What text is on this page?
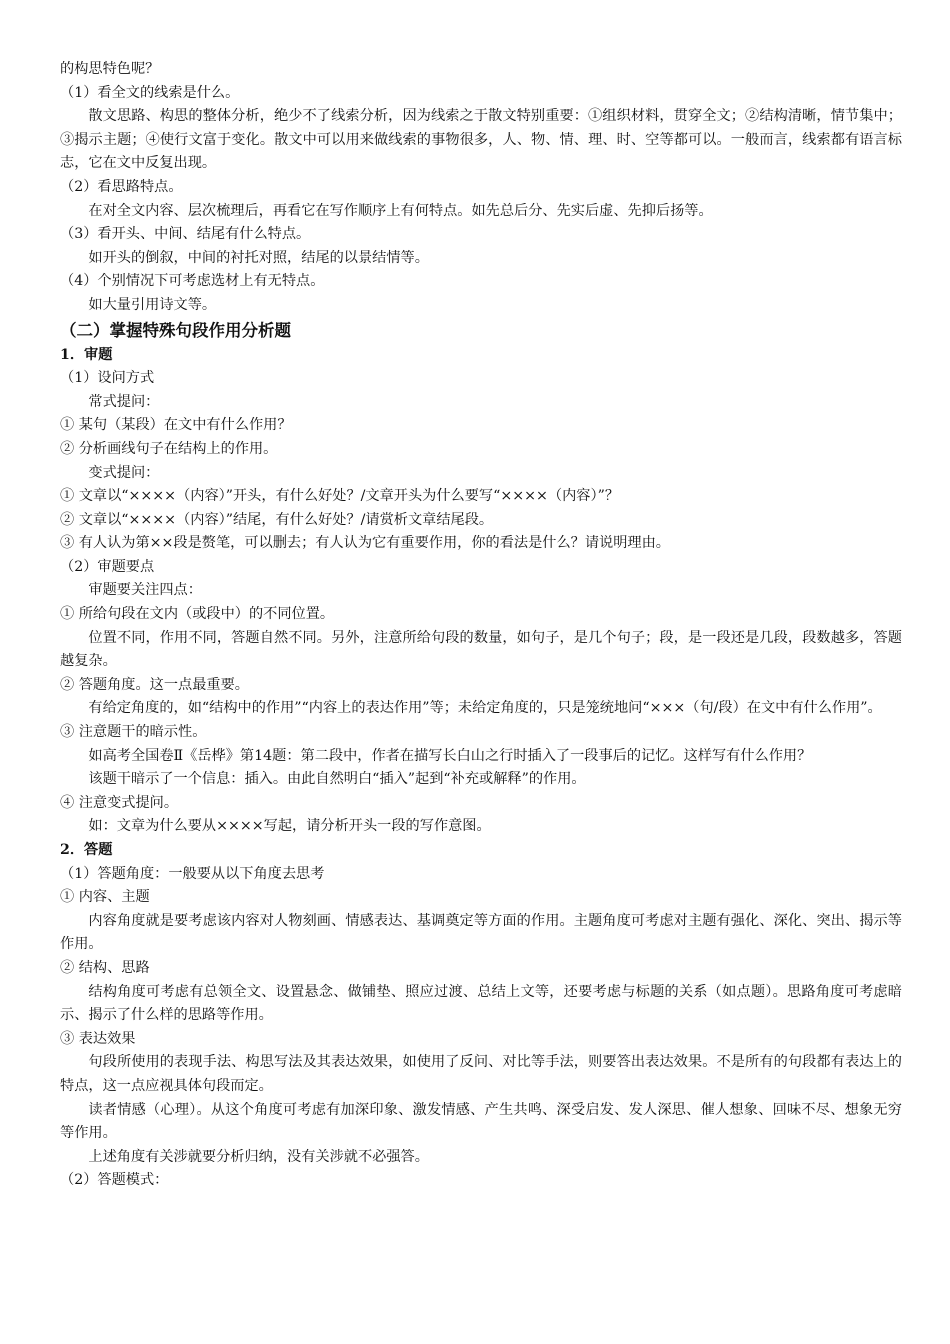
的构思特色呢？

（1）看全文的线索是什么。

散文思路、构思的整体分析，绝少不了线索分析，因为线索之于散文特别重要：①组织材料，贯穿全文；②结构清晰，情节集中；③揭示主题；④使行文富于变化。散文中可以用来做线索的事物很多，人、物、情、理、时、空等都可以。一般而言，线索都有语言标志，它在文中反复出现。

（2）看思路特点。

在对全文内容、层次梳理后，再看它在写作顺序上有何特点。如先总后分、先实后虚、先抑后扬等。

（3）看开头、中间、结尾有什么特点。

如开头的倒叙，中间的衬托对照，结尾的以景结情等。

（4）个别情况下可考虑选材上有无特点。

如大量引用诗文等。

（二）掌握特殊句段作用分析题

1．审题

（1）设问方式

常式提问：

① 某句（某段）在文中有什么作用？

② 分析画线句子在结构上的作用。

变式提问：

① 文章以“××××（内容）”开头，有什么好处？/文章开头为什么要写“××××（内容）”？

② 文章以“××××（内容）”结尾，有什么好处？/请赏析文章结尾段。

③ 有人认为第××段是赘笔，可以删去；有人认为它有重要作用，你的看法是什么？请说明理由。

（2）审题要点

审题要关注四点：

① 所给句段在文内（或段中）的不同位置。

位置不同，作用不同，答题自然不同。另外，注意所给句段的数量，如句子，是几个句子；段，是一段还是几段，段数越多，答题越复杂。

② 答题角度。这一点最重要。

有给定角度的，如“结构中的作用”“内容上的表达作用”等；未给定角度的，只是笼统地问“×××（句/段）在文中有什么作用”。

③ 注意题干的暗示性。

如高考全国卷Ⅱ《岳桦》第14题：第二段中，作者在描写长白山之行时插入了一段事后的记忆。这样写有什么作用？

该题干暗示了一个信息：插入。由此自然明白“插入”起到“补充或解释”的作用。

④ 注意变式提问。

如：文章为什么要从××××写起，请分析开头一段的写作意图。

2．答题

（1）答题角度：一般要从以下角度去思考

① 内容、主题

内容角度就是要考虑该内容对人物刻画、情感表达、基调奠定等方面的作用。主题角度可考虑对主题有强化、深化、突出、揭示等作用。

② 结构、思路

结构角度可考虑有总领全文、设置悬念、做铺垫、照应过渡、总结上文等，还要考虑与标题的关系（如点题）。思路角度可考虑暗示、揭示了什么样的思路等作用。

③ 表达效果

句段所使用的表现手法、构思写法及其表达效果，如使用了反问、对比等手法，则要答出表达效果。不是所有的句段都有表达上的特点，这一点应视具体句段而定。

读者情感（心理）。从这个角度可考虑有加深印象、激发情感、产生共鸣、深受启发、发人深思、催人想象、回味不尽、想象无穷等作用。

上述角度有关涉就要分析归纳，没有关涉就不必强答。

（2）答题模式：
